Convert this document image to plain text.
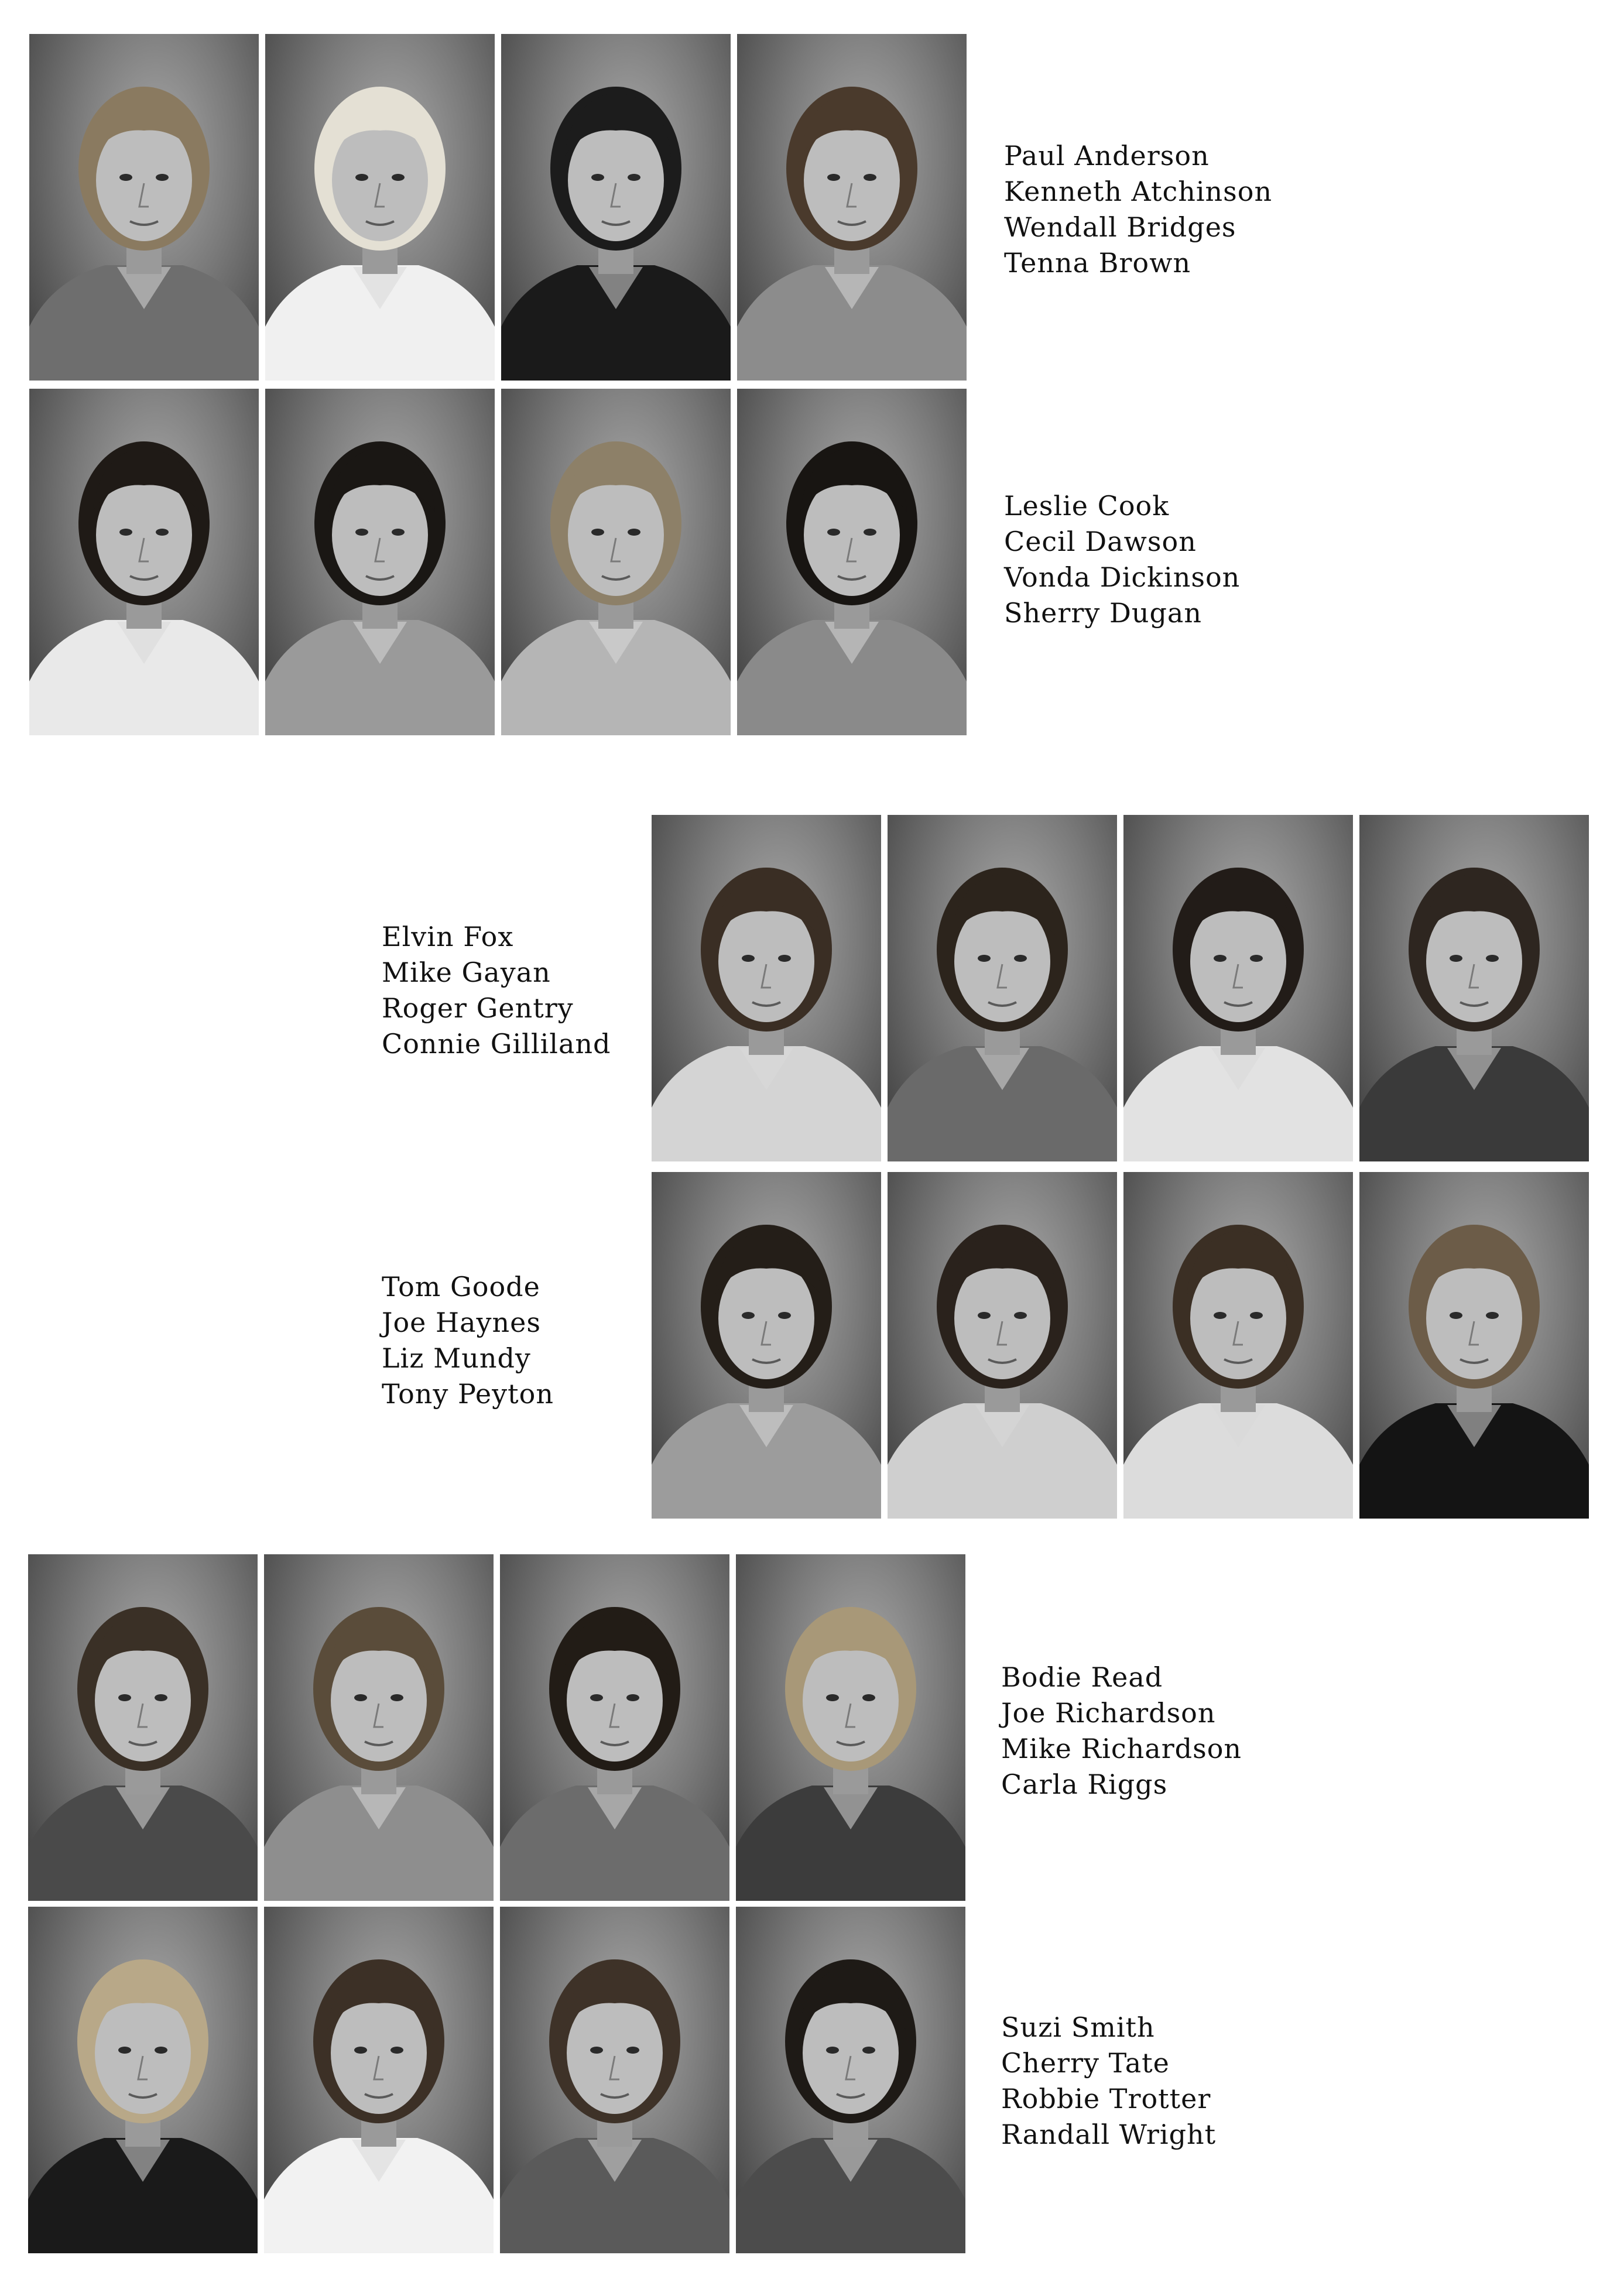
Paul Anderson
Kenneth Atchinson
Wendall Bridges
Tenna Brown
Leslie Cook
Cecil Dawson
Vonda Dickinson
Sherry Dugan
Elvin Fox
Mike Gayan
Roger Gentry
Connie Gilliland
Tom Goode
Joe Haynes
Liz Mundy
Tony Peyton
Bodie Read
Joe Richardson
Mike Richardson
Carla Riggs
Suzi Smith
Cherry Tate
Robbie Trotter
Randall Wright
